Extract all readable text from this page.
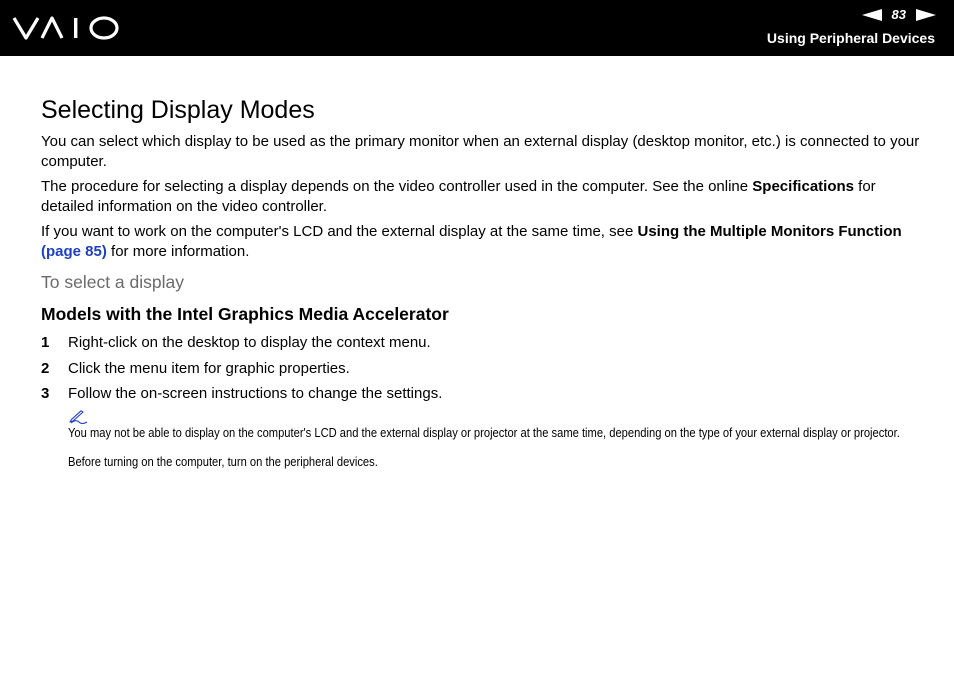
83
Using Peripheral Devices
Selecting Display Modes

You can select which display to be used as the primary monitor when an external display (desktop monitor, etc.) is connected to your computer.

The procedure for selecting a display depends on the video controller used in the computer. See the online Specifications for detailed information on the video controller.

If you want to work on the computer's LCD and the external display at the same time, see Using the Multiple Monitors Function (page 85) for more information.

To select a display
Models with the Intel Graphics Media Accelerator
1	Right-click on the desktop to display the context menu.
2	Click the menu item for graphic properties.
3	Follow the on-screen instructions to change the settings.

You may not be able to display on the computer's LCD and the external display or projector at the same time, depending on the type of your external display or projector.

Before turning on the computer, turn on the peripheral devices.
